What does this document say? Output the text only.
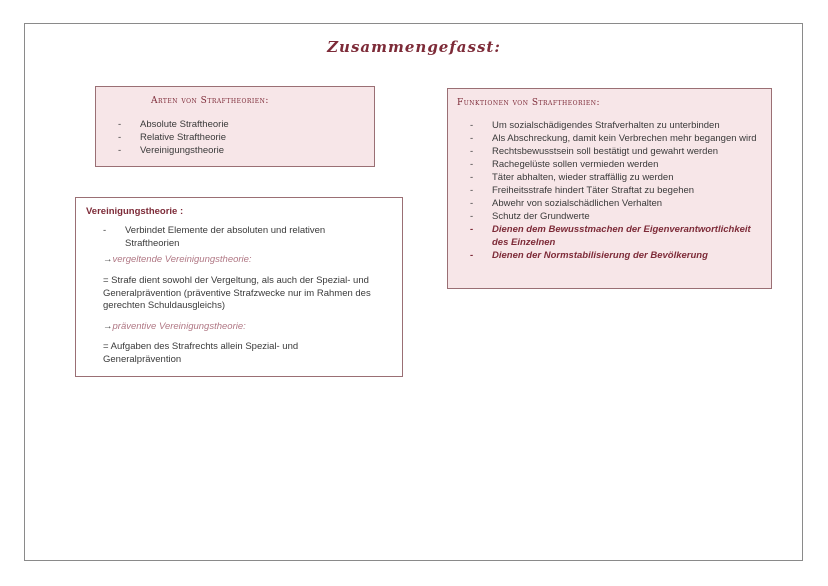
Zusammengefasst:
Arten von Straftheorien:
- Absolute Straftheorie
- Relative Straftheorie
- Vereinigungstheorie
Vereinigungstheorie :
- Verbindet Elemente der absoluten und relativen Straftheorien
→vergeltende Vereinigungstheorie:
= Strafe dient sowohl der Vergeltung, als auch der Spezial- und Generalprävention (präventive Strafzwecke nur im Rahmen des gerechten Schuldausgleichs)
→präventive Vereinigungstheorie:
= Aufgaben des Strafrechts allein Spezial- und Generalprävention
Funktionen von Straftheorien:
- Um sozialschädigendes Strafverhalten zu unterbinden
- Als Abschreckung, damit kein Verbrechen mehr begangen wird
- Rechtsbewusstsein soll bestätigt und gewahrt werden
- Rachegelüste sollen vermieden werden
- Täter abhalten, wieder straffällig zu werden
- Freiheitsstrafe hindert Täter Straftat zu begehen
- Abwehr von sozialschädlichen Verhalten
- Schutz der Grundwerte
- Dienen dem Bewusstmachen der Eigenverantwortlichkeit des Einzelnen
- Dienen der Normstabilisierung der Bevölkerung
